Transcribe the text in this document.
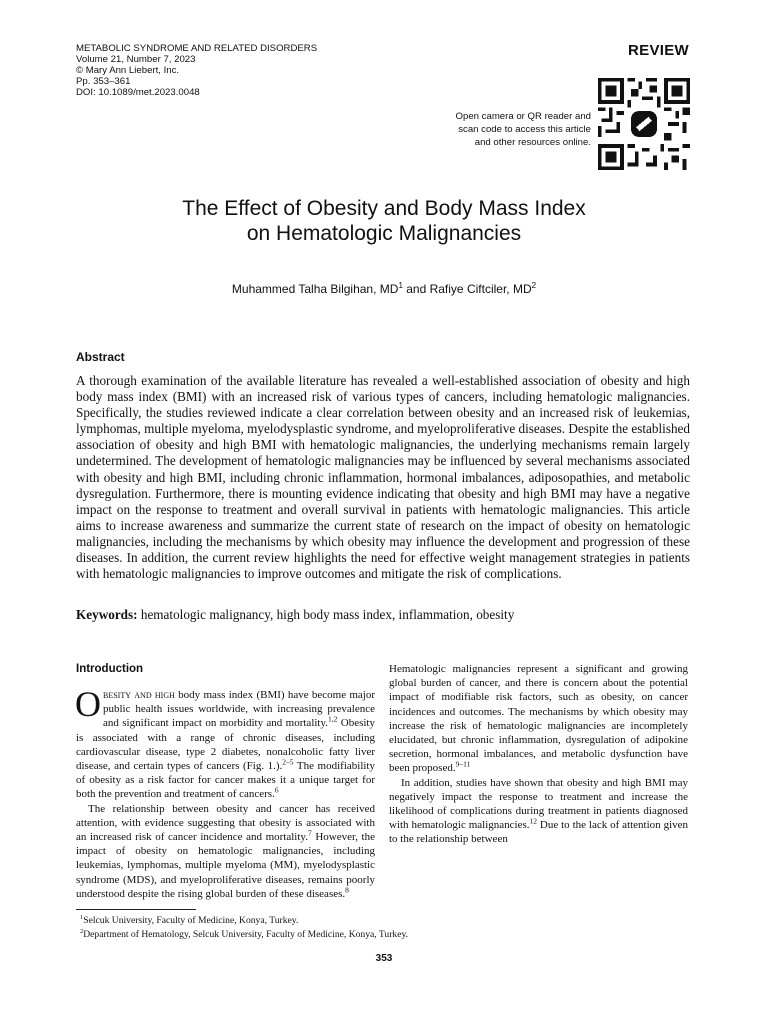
METABOLIC SYNDROME AND RELATED DISORDERS
Volume 21, Number 7, 2023
© Mary Ann Liebert, Inc.
Pp. 353–361
DOI: 10.1089/met.2023.0048
REVIEW
Open camera or QR reader and
scan code to access this article
and other resources online.
The Effect of Obesity and Body Mass Index
on Hematologic Malignancies
Muhammed Talha Bilgihan, $MD^1$ and Rafiye Ciftciler, $MD^2$
Abstract
A thorough examination of the available literature has revealed a well-established association of obesity and high body mass index (BMI) with an increased risk of various types of cancers, including hematologic malignancies. Specifically, the studies reviewed indicate a clear correlation between obesity and an increased risk of leukemias, lymphomas, multiple myeloma, myelodysplastic syndrome, and myeloproliferative diseases. Despite the established association of obesity and high BMI with hematologic malignancies, the underlying mechanisms remain largely undetermined. The development of hematologic malignancies may be influenced by several mechanisms associated with obesity and high BMI, including chronic inflammation, hormonal imbalances, adiposopathies, and metabolic dysregulation. Furthermore, there is mounting evidence indicating that obesity and high BMI may have a negative impact on the response to treatment and overall survival in patients with hematologic malignancies. This article aims to increase awareness and summarize the current state of research on the impact of obesity on hematologic malignancies, including the mechanisms by which obesity may influence the development and progression of these diseases. In addition, the current review highlights the need for effective weight management strategies in patients with hematologic malignancies to improve outcomes and mitigate the risk of complications.
Keywords: hematologic malignancy, high body mass index, inflammation, obesity
Introduction

Obesity and high body mass index (BMI) have become major public health issues worldwide, with increasing prevalence and significant impact on morbidity and mortality.$^{1,2}$ Obesity is associated with a range of chronic diseases, including cardiovascular disease, type 2 diabetes, nonalcoholic fatty liver disease, and certain types of cancers (Fig. 1.).$^{2-5}$ The modifiability of obesity as a risk factor for cancer makes it a unique target for both the prevention and treatment of cancers.$^6$

The relationship between obesity and cancer has received attention, with evidence suggesting that obesity is associated with an increased risk of cancer incidence and mortality.$^7$ However, the impact of obesity on hematologic malignancies, including leukemias, lymphomas, multiple myeloma (MM), myelodysplastic syndrome (MDS), and myeloproliferative diseases, remains poorly understood despite the rising global burden of these diseases.$^8$

Hematologic malignancies represent a significant and growing global burden of cancer, and there is concern about the potential impact of modifiable risk factors, such as obesity, on cancer incidences and outcomes. The mechanisms by which obesity may increase the risk of hematologic malignancies are incompletely elucidated, but chronic inflammation, dysregulation of adipokine secretion, hormonal imbalances, and metabolic dysfunction have been proposed.$^{9-11}$

In addition, studies have shown that obesity and high BMI may negatively impact the response to treatment and increase the likelihood of complications during treatment in patients diagnosed with hematologic malignancies.$^{12}$ Due to the lack of attention given to the relationship between

$^1$Selcuk University, Faculty of Medicine, Konya, Turkey.
$^2$Department of Hematology, Selcuk University, Faculty of Medicine, Konya, Turkey.
353
